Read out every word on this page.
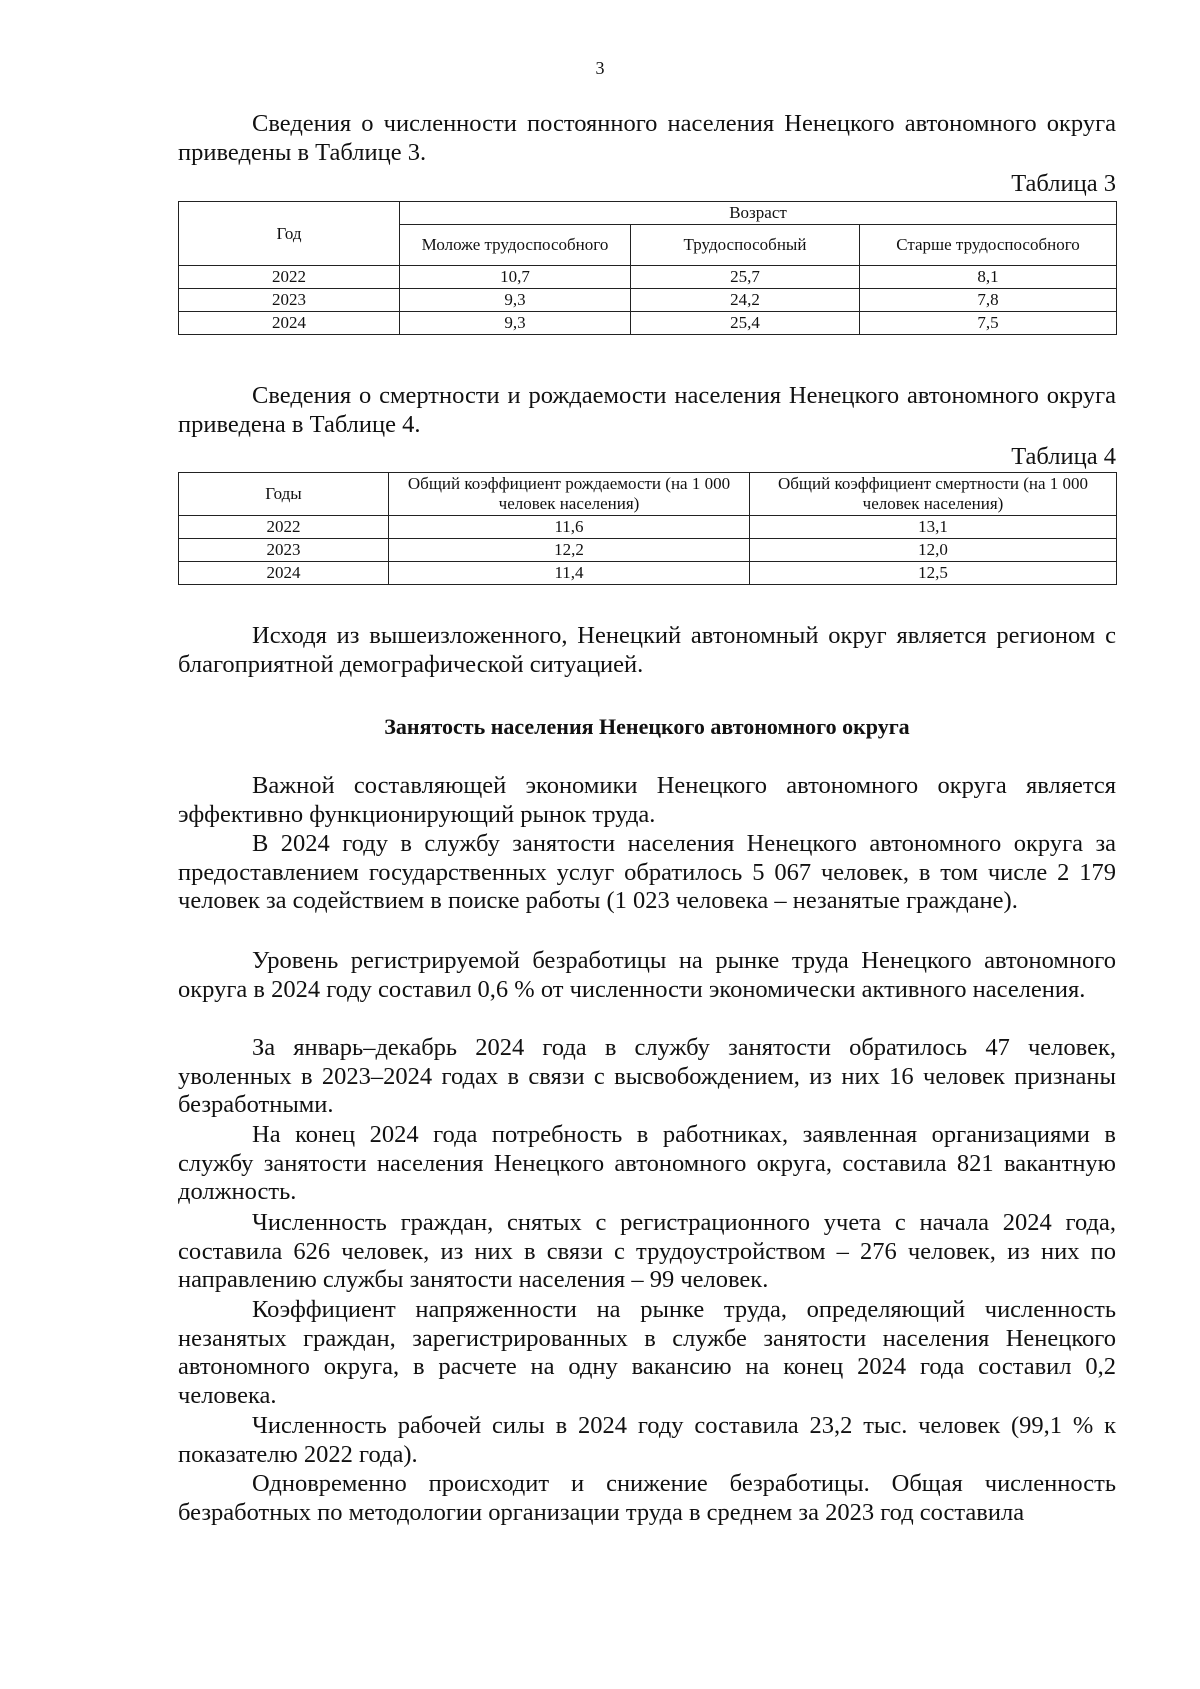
3
Сведения о численности постоянного населения Ненецкого автономного округа приведены в Таблице 3.
Таблица 3
Год	Возраст		
	Моложе трудоспособного	Трудоспособный	Старше трудоспособного
2022	10,7	25,7	8,1
2023	9,3	24,2	7,8
2024	9,3	25,4	7,5
Сведения о смертности и рождаемости населения Ненецкого автономного округа приведена в Таблице 4.
Таблица 4
Годы	Общий коэффициент рождаемости (на 1 000 человек населения)	Общий коэффициент смертности (на 1 000 человек населения)
2022	11,6	13,1
2023	12,2	12,0
2024	11,4	12,5
Исходя из вышеизложенного, Ненецкий автономный округ является регионом с благоприятной демографической ситуацией.
Занятость населения Ненецкого автономного округа
Важной составляющей экономики Ненецкого автономного округа является эффективно функционирующий рынок труда.
В 2024 году в службу занятости населения Ненецкого автономного округа за предоставлением государственных услуг обратилось 5 067 человек, в том числе 2 179 человек за содействием в поиске работы (1 023 человека – незанятые граждане).
Уровень регистрируемой безработицы на рынке труда Ненецкого автономного округа в 2024 году составил 0,6 % от численности экономически активного населения.
За январь–декабрь 2024 года в службу занятости обратилось 47 человек, уволенных в 2023–2024 годах в связи с высвобождением, из них 16 человек признаны безработными.
На конец 2024 года потребность в работниках, заявленная организациями в службу занятости населения Ненецкого автономного округа, составила 821 вакантную должность.
Численность граждан, снятых с регистрационного учета с начала 2024 года, составила 626 человек, из них в связи с трудоустройством – 276 человек, из них по направлению службы занятости населения – 99 человек.
Коэффициент напряженности на рынке труда, определяющий численность незанятых граждан, зарегистрированных в службе занятости населения Ненецкого автономного округа, в расчете на одну вакансию на конец 2024 года составил 0,2 человека.
Численность рабочей силы в 2024 году составила 23,2 тыс. человек (99,1 % к показателю 2022 года).
Одновременно происходит и снижение безработицы. Общая численность безработных по методологии организации труда в среднем за 2023 год составила
